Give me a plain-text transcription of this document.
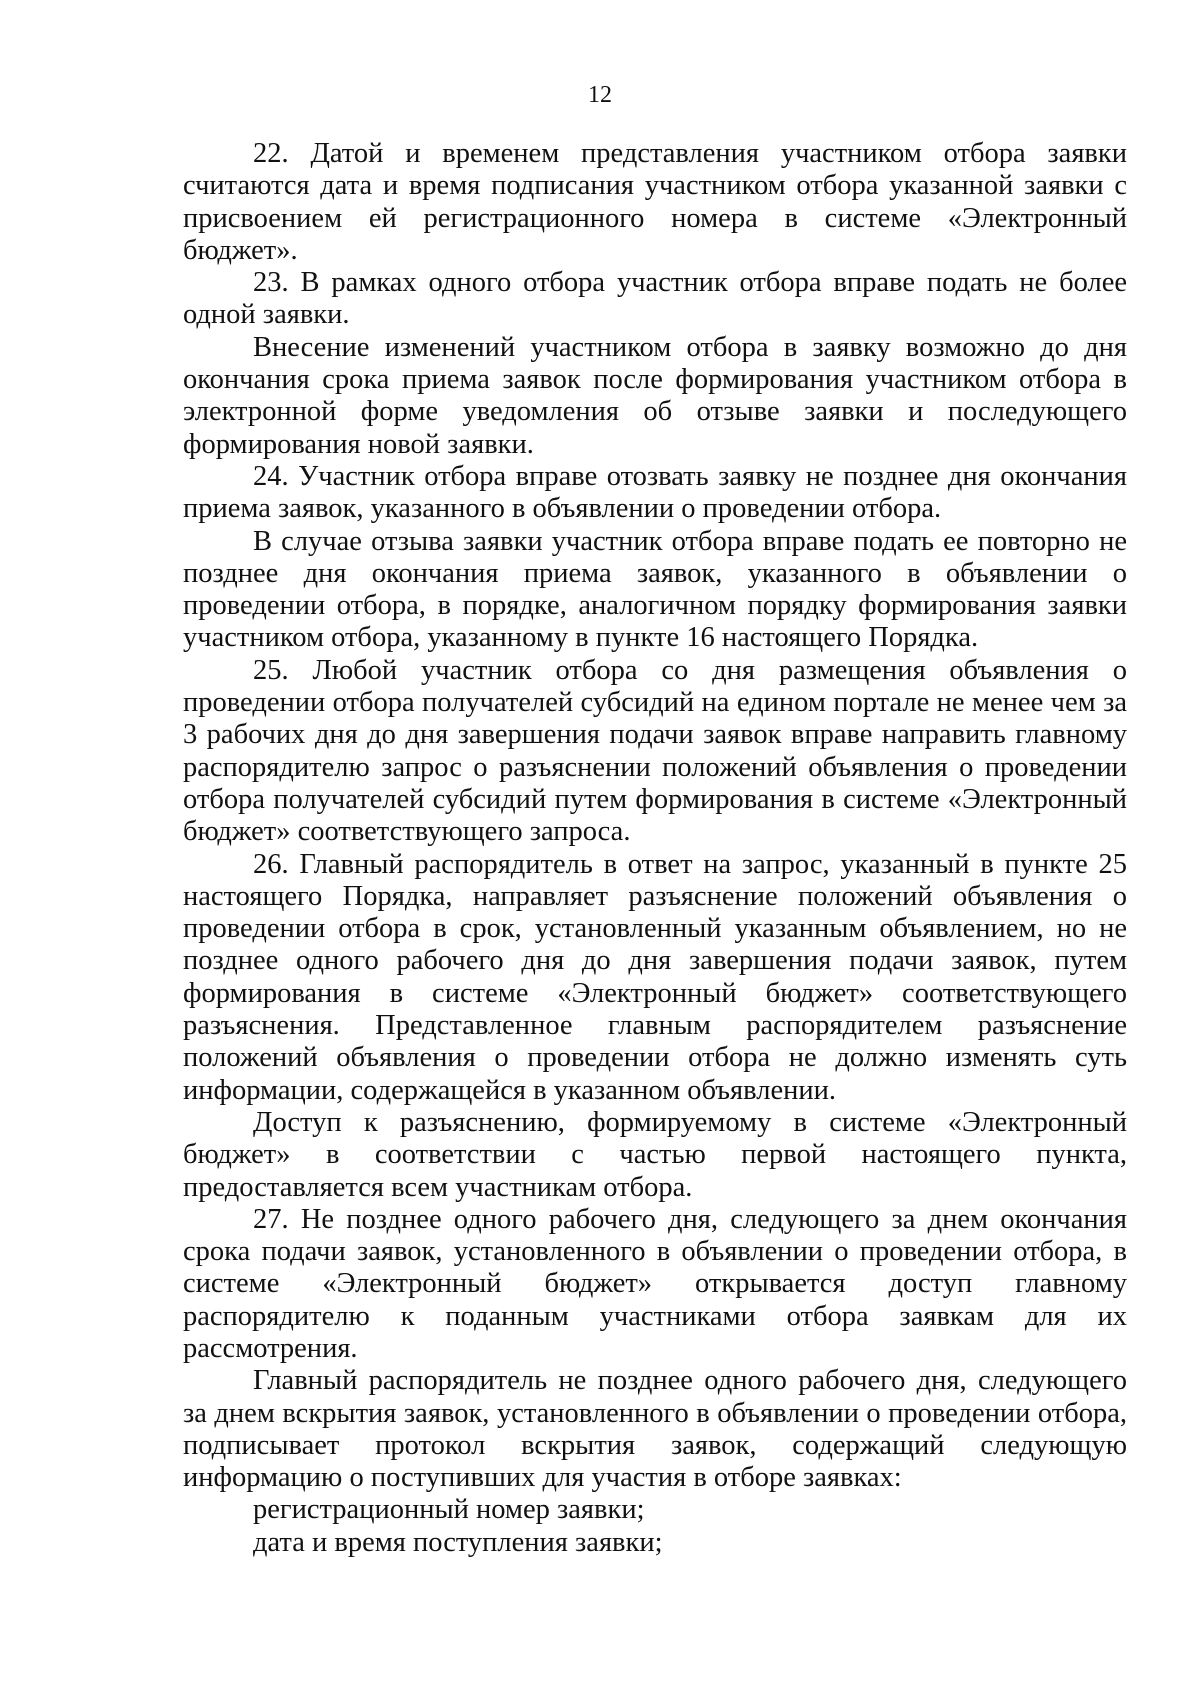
12

22. Датой и временем представления участником отбора заявки считаются дата и время подписания участником отбора указанной заявки с присвоением ей регистрационного номера в системе «Электронный бюджет».

23. В рамках одного отбора участник отбора вправе подать не более одной заявки.

Внесение изменений участником отбора в заявку возможно до дня окончания срока приема заявок после формирования участником отбора в электронной форме уведомления об отзыве заявки и последующего формирования новой заявки.

24. Участник отбора вправе отозвать заявку не позднее дня окончания приема заявок, указанного в объявлении о проведении отбора.

В случае отзыва заявки участник отбора вправе подать ее повторно не позднее дня окончания приема заявок, указанного в объявлении о проведении отбора, в порядке, аналогичном порядку формирования заявки участником отбора, указанному в пункте 16 настоящего Порядка.

25. Любой участник отбора со дня размещения объявления о проведении отбора получателей субсидий на едином портале не менее чем за 3 рабочих дня до дня завершения подачи заявок вправе направить главному распорядителю запрос о разъяснении положений объявления о проведении отбора получателей субсидий путем формирования в системе «Электронный бюджет» соответствующего запроса.

26. Главный распорядитель в ответ на запрос, указанный в пункте 25 настоящего Порядка, направляет разъяснение положений объявления о проведении отбора в срок, установленный указанным объявлением, но не позднее одного рабочего дня до дня завершения подачи заявок, путем формирования в системе «Электронный бюджет» соответствующего разъяснения. Представленное главным распорядителем разъяснение положений объявления о проведении отбора не должно изменять суть информации, содержащейся в указанном объявлении.

Доступ к разъяснению, формируемому в системе «Электронный бюджет» в соответствии с частью первой настоящего пункта, предоставляется всем участникам отбора.

27. Не позднее одного рабочего дня, следующего за днем окончания срока подачи заявок, установленного в объявлении о проведении отбора, в системе «Электронный бюджет» открывается доступ главному распорядителю к поданным участниками отбора заявкам для их рассмотрения.

Главный распорядитель не позднее одного рабочего дня, следующего за днем вскрытия заявок, установленного в объявлении о проведении отбора, подписывает протокол вскрытия заявок, содержащий следующую информацию о поступивших для участия в отборе заявках:

регистрационный номер заявки;

дата и время поступления заявки;
